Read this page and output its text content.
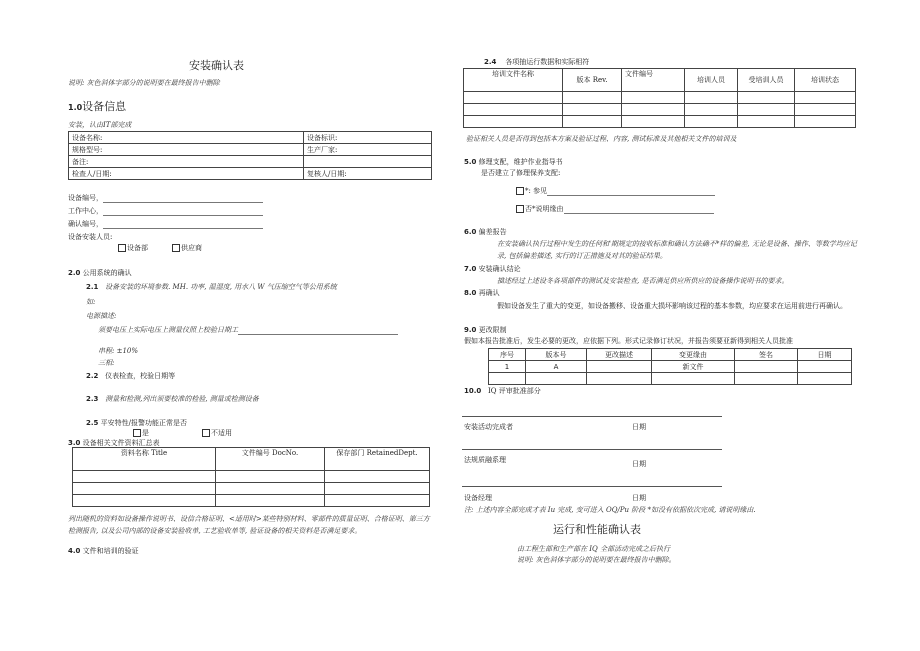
安装确认表
说明: 灰色斜体字部分的说明要在最终报告中删除
1.0设备信息
安装，认由IT部完成
设备名称:	设备标识:
规格型号:	生产厂家:
备注:	
检查人/日期:	复核人/日期:
设备编号，
工作中心，
确认编号，
设备安装人员:
设备部	供应商
2.0 公用系统的确认
2.1 设备安装的环境参数. MH. 功率, 温湿度, 用水八 W 气压缩空气等公用系统
如:
电源描述:
须要电压上实际电压上测量仪照上校验日期工
串程: ±10%
三相:
2.2 仪表检查，校验日期等
2.3 测量和检测,列出须要校准的检验, 测量或检测设备
2.5 平安特性/报警功能正常是否
是	不适用
3.0 设备相关文件资料汇总表
资料名称 Title	文件编号 DocNo.	保存部门 RetainedDept.

列出随机的资料如设备操作说明书、设信合格证明、<适用时>某些特别材料、零部件的质量证明、合格证明、第三方检测报告, 以及公司内部的设备安装验收单, 工艺验收单等, 验证设备的相关资料是否满足要求。
4.0 文件和培训的验证
2.4 各项抽运行数据和实际相符
培训文件名称	版本 Rev.	文件编号	培训人员	受培训人员	培训状态

验证相关人员是否得到包括本方案及验证过程、内容, 测试标准及其他相关文件的培训及
5.0 修理支配，维护作业指导书
是否建立了修理保养支配:
*: 参见
否*说明缘由
6.0 偏差报告
在安装确认执行过程中发生的任何和'期规定的接收标准和确认方法确不*样的偏差, 无论是设备、操作、等数学均应记录, 包括偏差描述, 实行的订正措施及对其的验证结果。
7.0 安装确认结论
描述经过上述设冬各项部件的测试及安装检查, 是否满足供应所供应的设备操作说明书的要求。
8.0 再确认
假如设备发生了重大的变更，如设备搬移、设备重大损坏影响该过程的基本参数，均应要求在运用前进行再确认。
9.0 更改限制
假如本报告批准后，发生必要的更改，应依据下列。形式记录修订状况，并报告须要亚新得到相关人员批准
序号	版本号	更改描述	变更缘由	签名	日期
1	A		新文件		

10.0 IQ 评审批准部分
安装活动完成者	日期
法规质融系理	日期
设备经理	日期
注: 上述内容全部完成才表 Iu 完成, 变可进入 OQ/Pu 阶段 *如没有依据依次完成, 请说明缘由.
运行和性能确认表
由工程生部和生产部在 IQ 全部活动完成之后执行
说明: 灰色斜体字部分的说明要在最终报告中删除。
